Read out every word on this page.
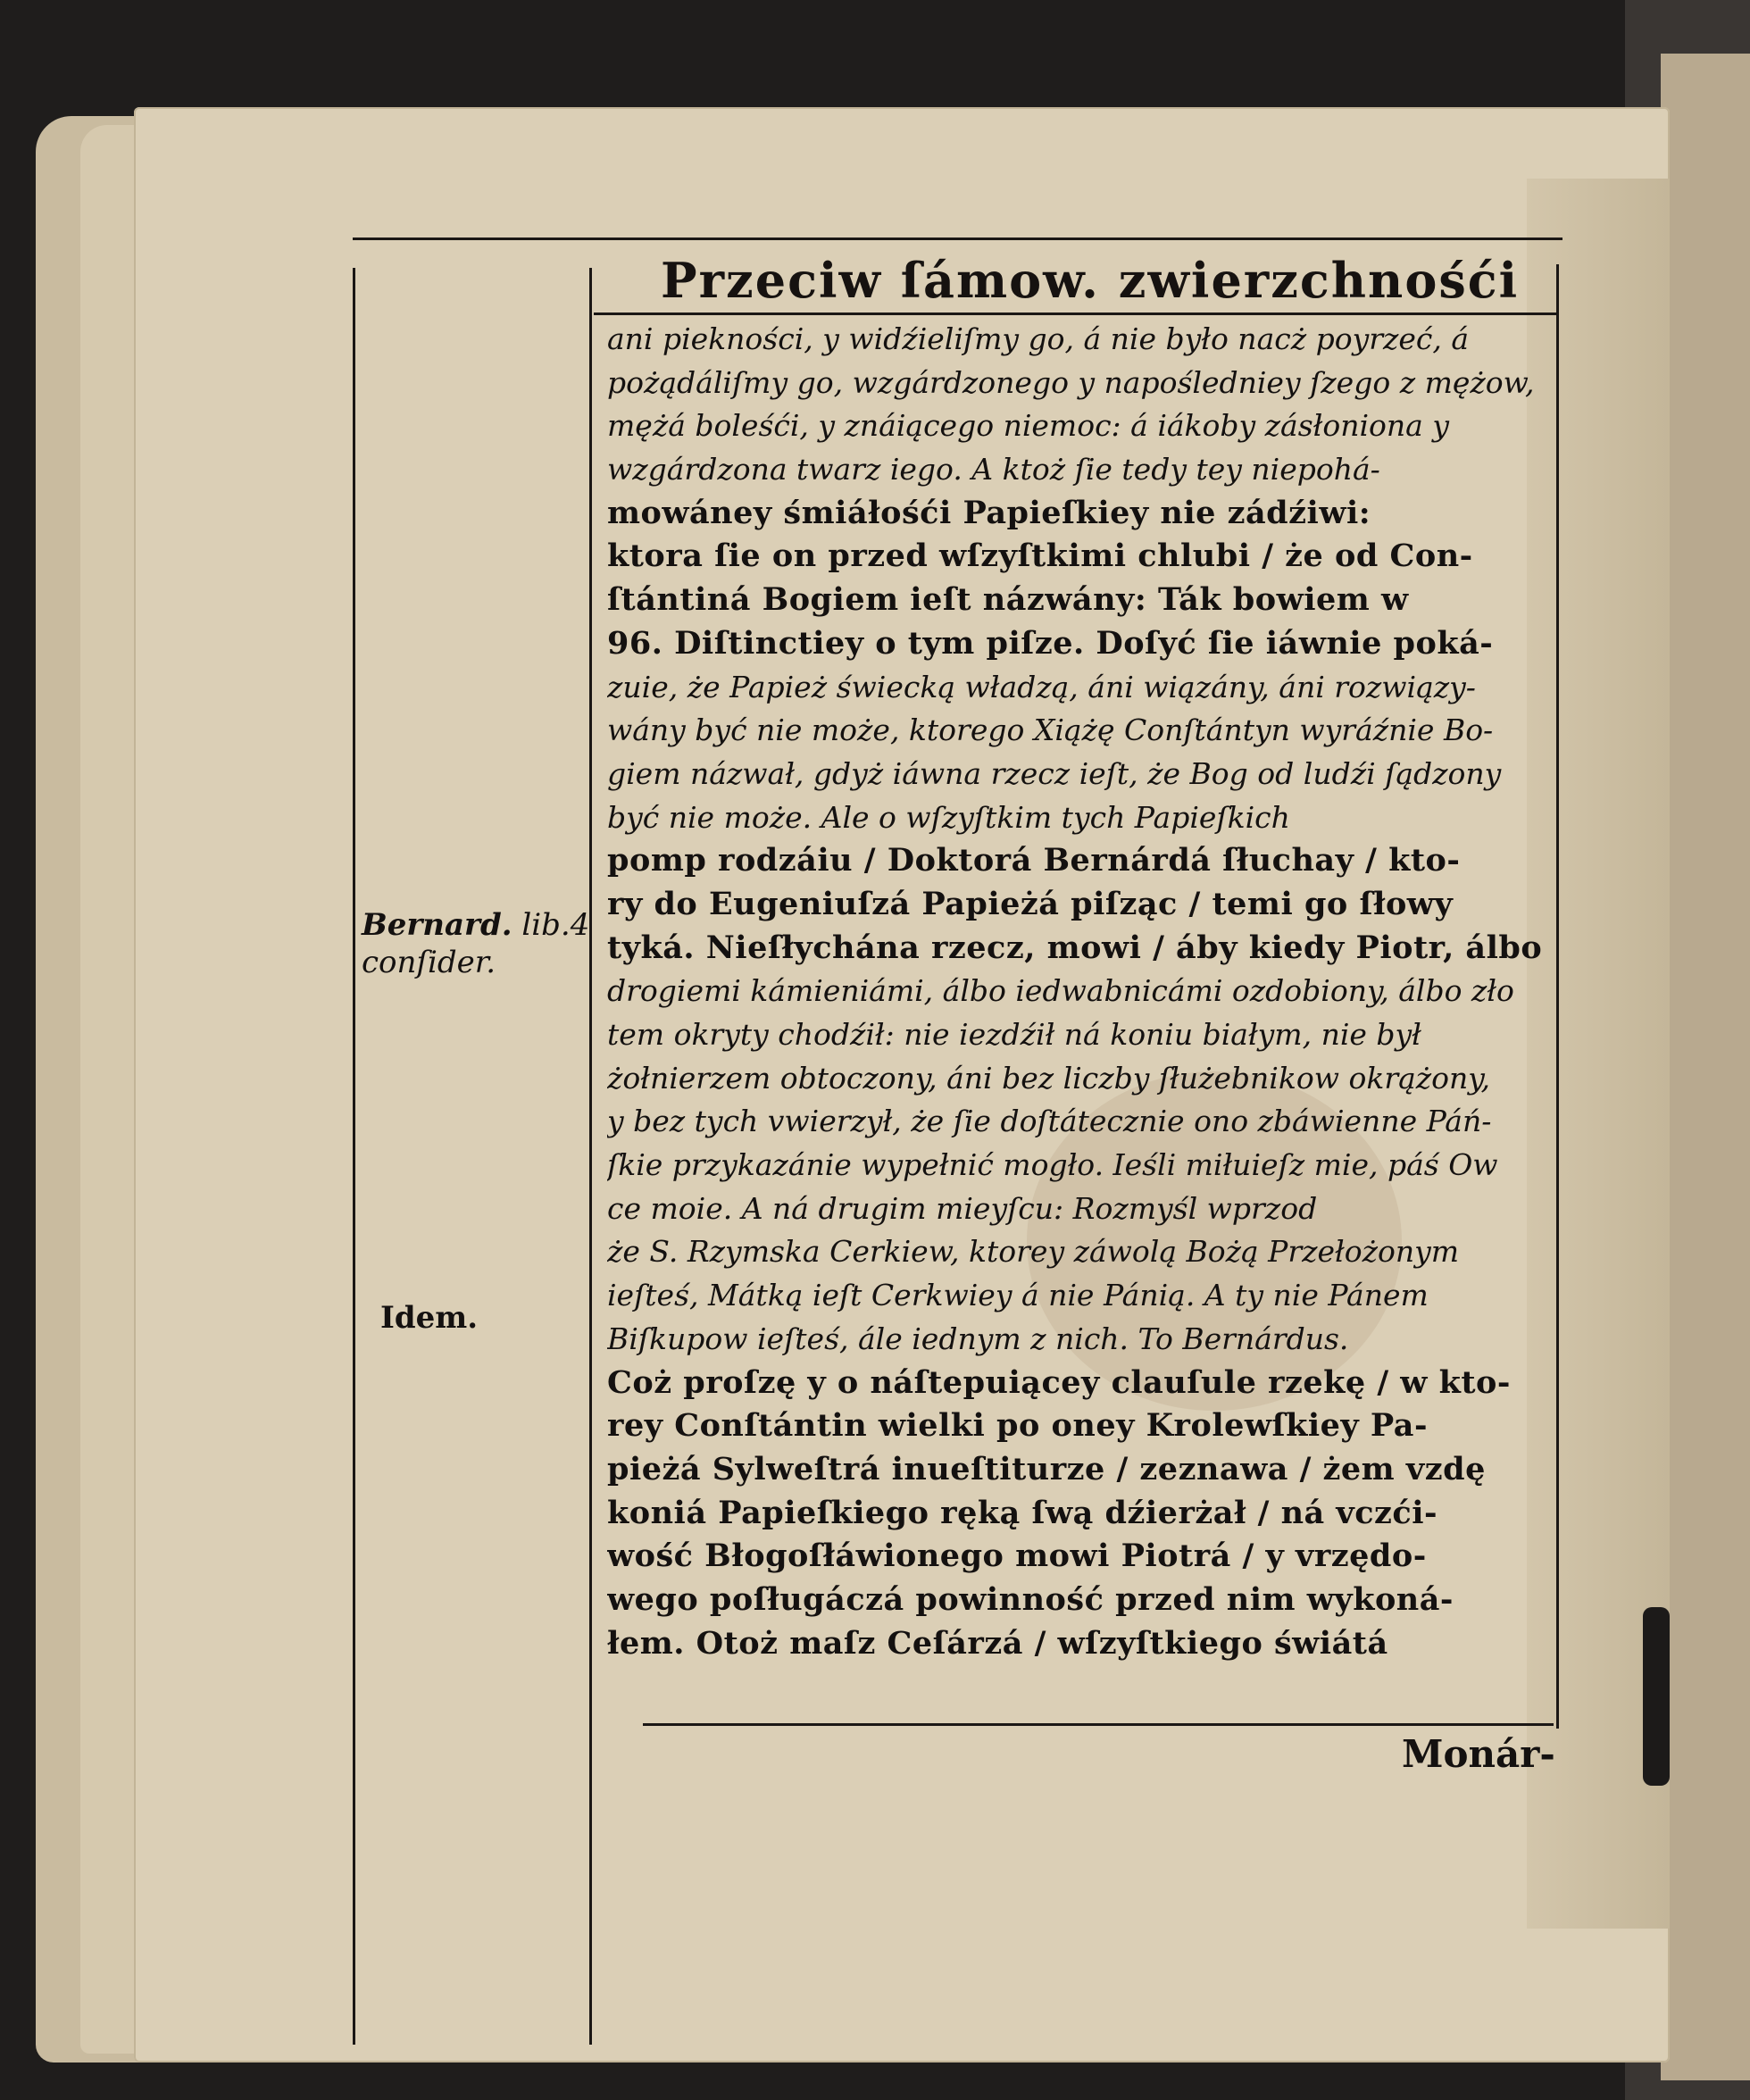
Przeciw ſámow. zwierzchnośći
ani piekności, y widźieliſmy go, á nie było nacż poyrzeć, á
pożądáliſmy go, wzgárdzonego y napośledniey ſzego z mężow,
mężá boleśći, y znáiącego niemoc: á iákoby zásłoniona y
wzgárdzona twarz iego. A ktoż ſie tedy tey niepohá-
mowáney śmiáłośći Papieſkiey nie zádźiwi:
ktora ſie on przed wſzyſtkimi chlubi / że od Con-
ſtántiná Bogiem ieſt názwány: Ták bowiem w
96. Diſtinctiey o tym piſze. Doſyć ſie iáwnie poká-
zuie, że Papież świecką władzą, áni wiązány, áni rozwiązy-
wány być nie może, ktorego Xiążę Conſtántyn wyráźnie Bo-
giem názwał, gdyż iáwna rzecz ieſt, że Bog od ludźi ſądzony
być nie może. Ale o wſzyſtkim tych Papieſkich
pomp rodzáiu / Doktorá Bernárdá ſłuchay / kto-
ry do Eugeniuſzá Papieżá piſząc / temi go ſłowy
tyká. Nieſłychána rzecz, mowi / áby kiedy Piotr, álbo
drogiemi kámieniámi, álbo iedwabnicámi ozdobiony, álbo zło
tem okryty chodźił: nie iezdźił ná koniu białym, nie był
żołnierzem obtoczony, áni bez liczby ſłużebnikow okrążony,
y bez tych vwierzył, że ſie doſtátecznie ono zbáwienne Páń-
ſkie przykazánie wypełnić mogło. Ieśli miłuieſz mie, páś Ow
ce moie. A ná drugim mieyſcu: Rozmyśl wprzod
że S. Rzymska Cerkiew, ktorey záwolą Bożą Przełożonym
ieſteś, Mátką ieſt Cerkwiey á nie Pánią. A ty nie Pánem
Biſkupow ieſteś, ále iednym z nich. To Bernárdus.
Coż proſzę y o náſtepuiącey clauſule rzekę / w kto-
rey Conſtántin wielki po oney Krolewſkiey Pa-
pieżá Sylweſtrá inueſtiturze / zeznawa / żem vzdę
koniá Papieſkiego ręką ſwą dźierżał / ná vczći-
wość Błogoſłáwionego mowi Piotrá / y vrzędo-
wego poſługáczá powinność przed nim wykoná-
łem. Otoż maſz Ceſárzá / wſzyſtkiego świátá
Monár-
Bernard. lib.4
conſider.
Idem.
